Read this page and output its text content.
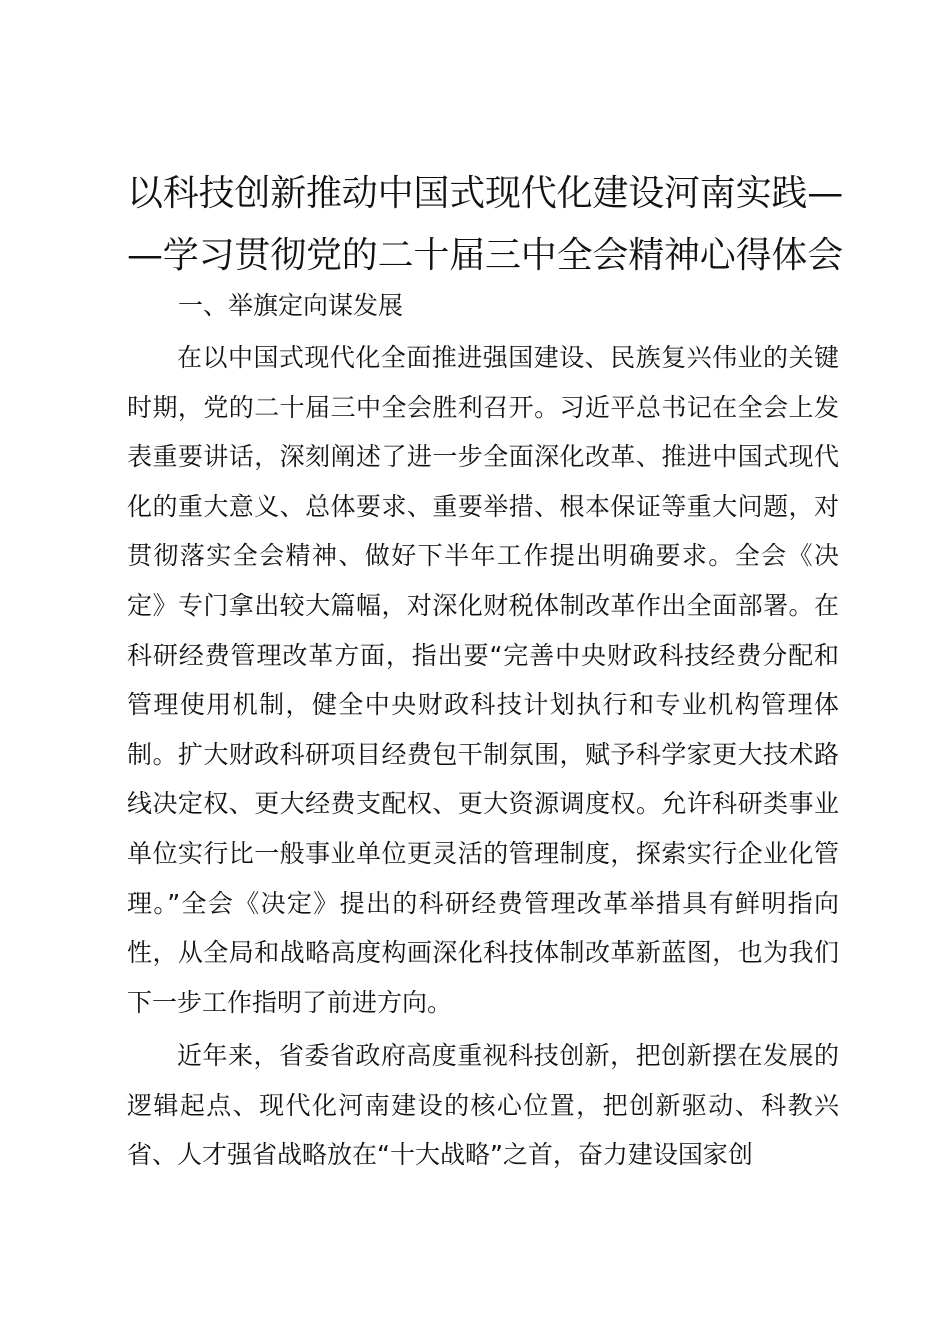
以科技创新推动中国式现代化建设河南实践—
—学习贯彻党的二十届三中全会精神心得体会
一、举旗定向谋发展

在以中国式现代化全面推进强国建设、民族复兴伟业的关键时期，党的二十届三中全会胜利召开。习近平总书记在全会上发表重要讲话，深刻阐述了进一步全面深化改革、推进中国式现代化的重大意义、总体要求、重要举措、根本保证等重大问题，对贯彻落实全会精神、做好下半年工作提出明确要求。全会《决定》专门拿出较大篇幅，对深化财税体制改革作出全面部署。在科研经费管理改革方面，指出要“完善中央财政科技经费分配和管理使用机制，健全中央财政科技计划执行和专业机构管理体制。扩大财政科研项目经费包干制氛围，赋予科学家更大技术路线决定权、更大经费支配权、更大资源调度权。允许科研类事业单位实行比一般事业单位更灵活的管理制度，探索实行企业化管理。”全会《决定》提出的科研经费管理改革举措具有鲜明指向性，从全局和战略高度构画深化科技体制改革新蓝图，也为我们下一步工作指明了前进方向。

近年来，省委省政府高度重视科技创新，把创新摆在发展的逻辑起点、现代化河南建设的核心位置，把创新驱动、科教兴省、人才强省战略放在“十大战略”之首，奋力建设国家创
